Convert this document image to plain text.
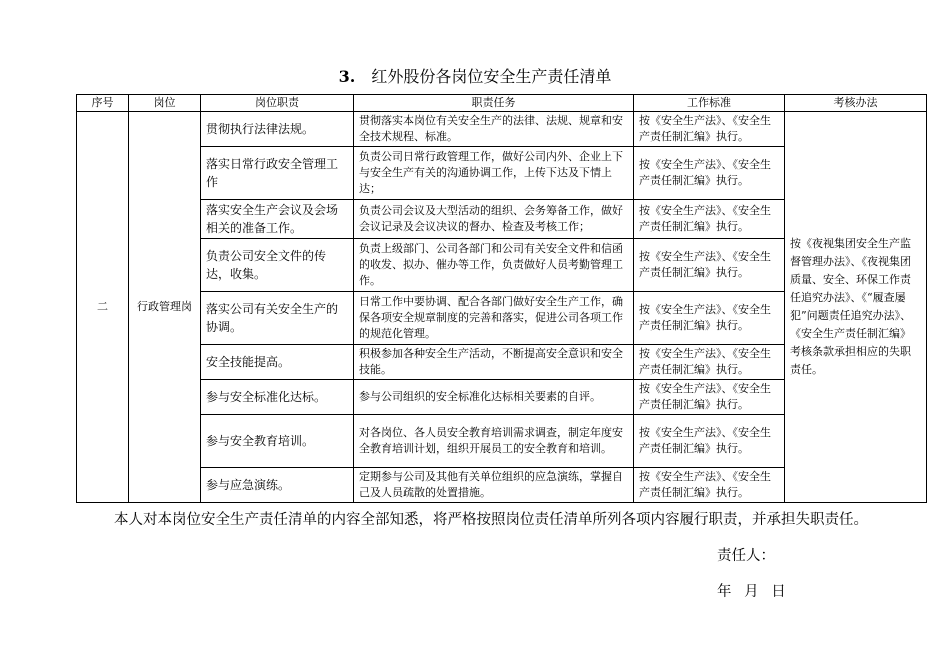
3. 红外股份各岗位安全生产责任清单
序号	岗位	岗位职责	职责任务	工作标准	考核办法
二	行政管理岗	贯彻执行法律法规。	贯彻落实本岗位有关安全生产的法律、法规、规章和安全技术规程、标准。	按《安全生产法》、《安全生产责任制汇编》执行。	按《夜视集团安全生产监督管理办法》、《夜视集团质量、安全、环保工作责任追究办法》、《“履查屡犯”问题责任追究办法》、《安全生产责任制汇编》考核条款承担相应的失职责任。
		落实日常行政安全管理工作	负责公司日常行政管理工作，做好公司内外、企业上下与安全生产有关的沟通协调工作，上传下达及下情上达；	按《安全生产法》、《安全生产责任制汇编》执行。	
		落实安全生产会议及会场相关的准备工作。	负责公司会议及大型活动的组织、会务筹备工作，做好会议记录及会议决议的督办、检查及考核工作；	按《安全生产法》、《安全生产责任制汇编》执行。	
		负责公司安全文件的传达，收集。	负责上级部门、公司各部门和公司有关安全文件和信函的收发、拟办、催办等工作，负责做好人员考勤管理工作。	按《安全生产法》、《安全生产责任制汇编》执行。	
		落实公司有关安全生产的协调。	日常工作中要协调、配合各部门做好安全生产工作，确保各项安全规章制度的完善和落实，促进公司各项工作的规范化管理。	按《安全生产法》、《安全生产责任制汇编》执行。	
		安全技能提高。	积极参加各种安全生产活动，不断提高安全意识和安全技能。	按《安全生产法》、《安全生产责任制汇编》执行。	
		参与安全标准化达标。	参与公司组织的安全标准化达标相关要素的自评。	按《安全生产法》、《安全生产责任制汇编》执行。	
		参与安全教育培训。	对各岗位、各人员安全教育培训需求调查，制定年度安全教育培训计划，组织开展员工的安全教育和培训。	按《安全生产法》、《安全生产责任制汇编》执行。	
		参与应急演练。	定期参与公司及其他有关单位组织的应急演练，掌握自己及人员疏散的处置措施。	按《安全生产法》、《安全生产责任制汇编》执行。	
本人对本岗位安全生产责任清单的内容全部知悉，将严格按照岗位责任清单所列各项内容履行职责，并承担失职责任。
责任人：
年 月 日
